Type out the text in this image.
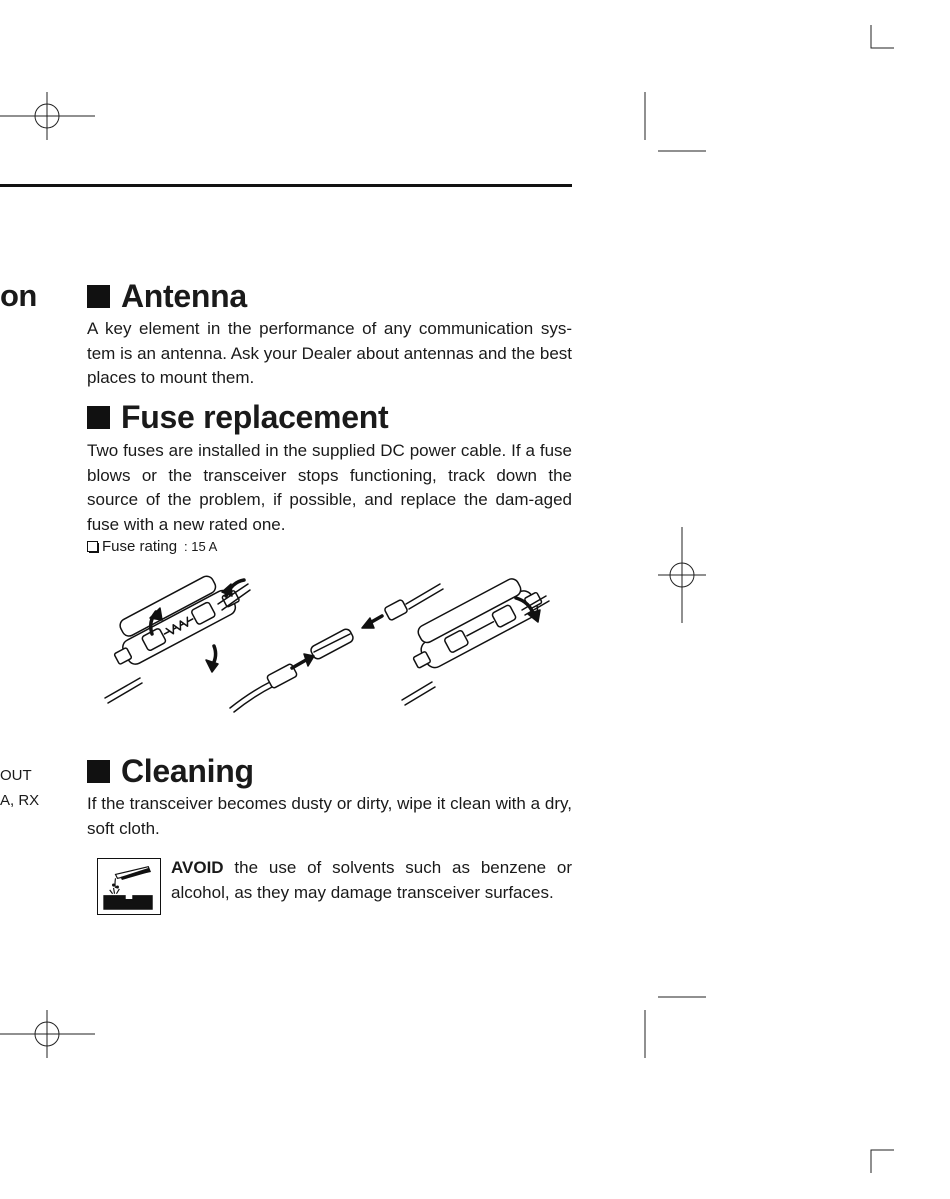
on
OUT
A, RX
Antenna

A key element in the performance of any communication sys-tem is an antenna. Ask your Dealer about antennas and the best places to mount them.

Fuse replacement

Two fuses are installed in the supplied DC power cable. If a fuse blows or the transceiver stops functioning, track down the source of the problem, if possible, and replace the dam-aged fuse with a new rated one.

Fuse rating : 15 A
Cleaning

If the transceiver becomes dusty or dirty, wipe it clean with a dry, soft cloth.

AVOID the use of solvents such as benzene or alcohol, as they may damage transceiver surfaces.
